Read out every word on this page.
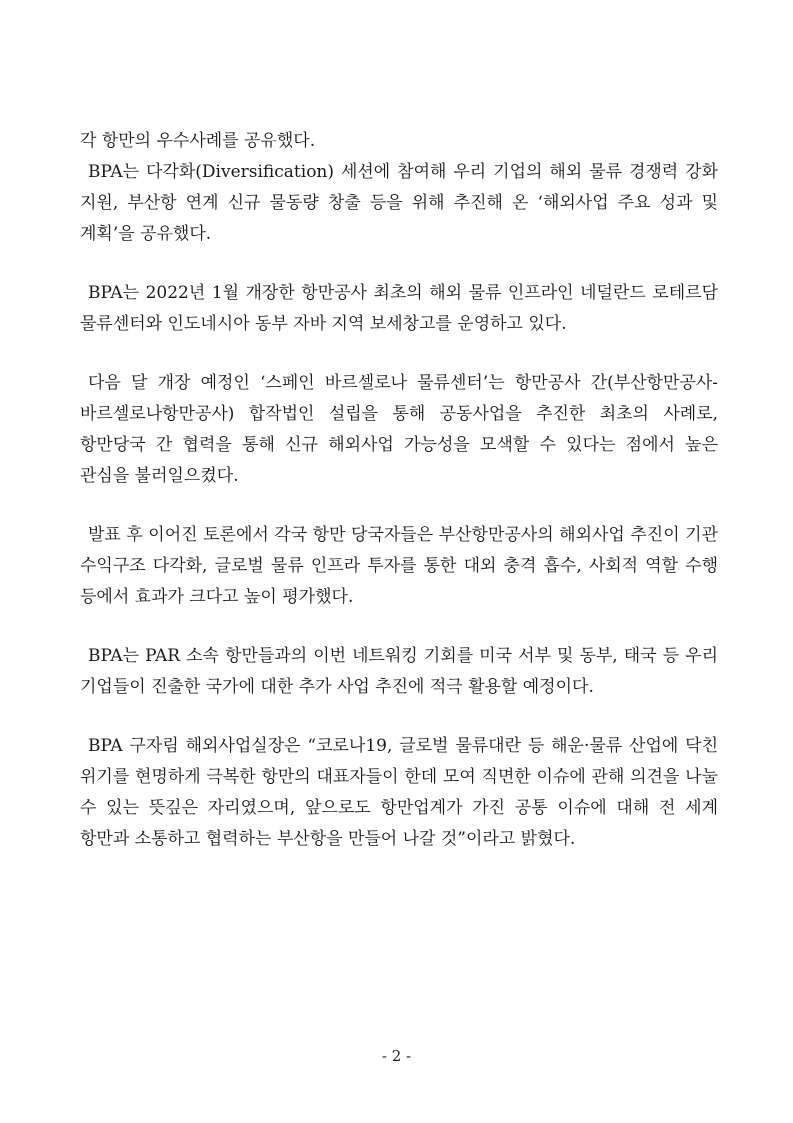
각 항만의 우수사례를 공유했다.

BPA는 다각화(Diversification) 세션에 참여해 우리 기업의 해외 물류 경쟁력 강화 지원, 부산항 연계 신규 물동량 창출 등을 위해 추진해 온 ‘해외사업 주요 성과 및 계획’을 공유했다.

BPA는 2022년 1월 개장한 항만공사 최초의 해외 물류 인프라인 네덜란드 로테르담 물류센터와 인도네시아 동부 자바 지역 보세창고를 운영하고 있다.

다음 달 개장 예정인 ‘스페인 바르셀로나 물류센터’는 항만공사 간(부산항만공사-바르셀로나항만공사) 합작법인 설립을 통해 공동사업을 추진한 최초의 사례로, 항만당국 간 협력을 통해 신규 해외사업 가능성을 모색할 수 있다는 점에서 높은 관심을 불러일으켰다.

발표 후 이어진 토론에서 각국 항만 당국자들은 부산항만공사의 해외사업 추진이 기관 수익구조 다각화, 글로벌 물류 인프라 투자를 통한 대외 충격 흡수, 사회적 역할 수행 등에서 효과가 크다고 높이 평가했다.

BPA는 PAR 소속 항만들과의 이번 네트워킹 기회를 미국 서부 및 동부, 태국 등 우리 기업들이 진출한 국가에 대한 추가 사업 추진에 적극 활용할 예정이다.

BPA 구자림 해외사업실장은 “코로나19, 글로벌 물류대란 등 해운·물류 산업에 닥친 위기를 현명하게 극복한 항만의 대표자들이 한데 모여 직면한 이슈에 관해 의견을 나눌 수 있는 뜻깊은 자리였으며, 앞으로도 항만업계가 가진 공통 이슈에 대해 전 세계 항만과 소통하고 협력하는 부산항을 만들어 나갈 것”이라고 밝혔다.

- 2 -
